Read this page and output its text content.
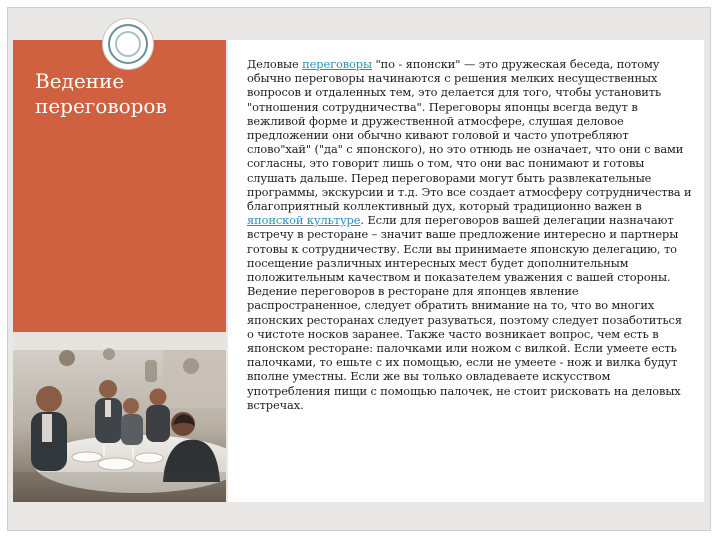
Ведение
переговоров

Деловые переговоры "по - японски" — это дружеская беседа, потому обычно переговоры начинаются с решения мелких несущественных вопросов и отдаленных тем, это делается для того, чтобы установить "отношения сотрудничества". Переговоры японцы всегда ведут в вежливой форме и дружественной атмосфере, слушая деловое предложении они обычно кивают головой и часто употребляют слово"хай" ("да" с японского), но это отнюдь не означает, что они с вами согласны, это говорит лишь о том, что они вас понимают и готовы слушать дальше. Перед переговорами могут быть развлекательные программы, экскурсии и т.д. Это все создает атмосферу сотрудничества и благоприятный коллективный дух, который традиционно важен в японской культуре. Если для переговоров вашей делегации назначают встречу в ресторане – значит ваше предложение интересно и партнеры готовы к сотрудничеству. Если вы принимаете японскую делегацию, то посещение различных интересных мест будет дополнительным положительным качеством и показателем уважения с вашей стороны. Ведение переговоров в ресторане для японцев явление распространенное, следует обратить внимание на то, что во многих японских ресторанах следует разуваться, поэтому следует позаботиться о чистоте носков заранее. Также часто возникает вопрос, чем есть в японском ресторане: палочками или ножом с вилкой. Если умеете есть палочками, то ешьте с их помощью, если не умеете - нож и вилка будут вполне уместны. Если же вы только овладеваете искусством употребления пищи с помощью палочек, не стоит рисковать на деловых встречах.
